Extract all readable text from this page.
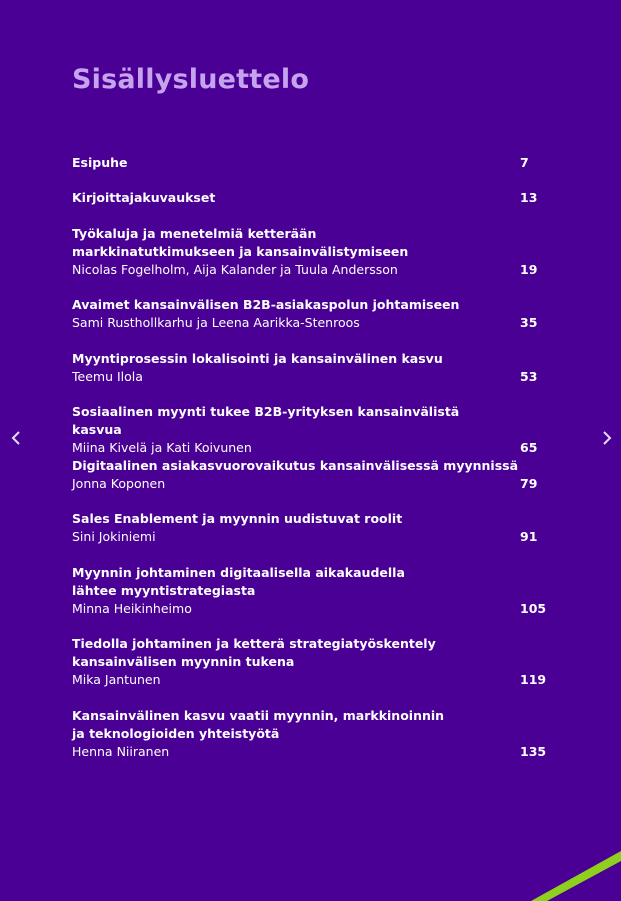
Sisällysluettelo
Esipuhe	7
Kirjoittajakuvaukset	13
Työkaluja ja menetelmiä ketterään
markkinatutkimukseen ja kansainvälistymiseen
Nicolas Fogelholm, Aija Kalander ja Tuula Andersson	19
Avaimet kansainvälisen B2B-asiakaspolun johtamiseen
Sami Rusthollkarhu ja Leena Aarikka-Stenroos	35
Myyntiprosessin lokalisointi ja kansainvälinen kasvu
Teemu Ilola	53
Sosiaalinen myynti tukee B2B-yrityksen kansainvälistä kasvua
Miina Kivelä ja Kati Koivunen	65
Digitaalinen asiakasvuorovaikutus kansainvälisessä myynnissä
Jonna Koponen	79
Sales Enablement ja myynnin uudistuvat roolit
Sini Jokiniemi	91
Myynnin johtaminen digitaalisella aikakaudella
lähtee myyntistrategiasta
Minna Heikinheimo	105
Tiedolla johtaminen ja ketterä strategiatyöskentely
kansainvälisen myynnin tukena
Mika Jantunen	119
Kansainvälinen kasvu vaatii myynnin, markkinoinnin
ja teknologioiden yhteistyötä
Henna Niiranen	135
